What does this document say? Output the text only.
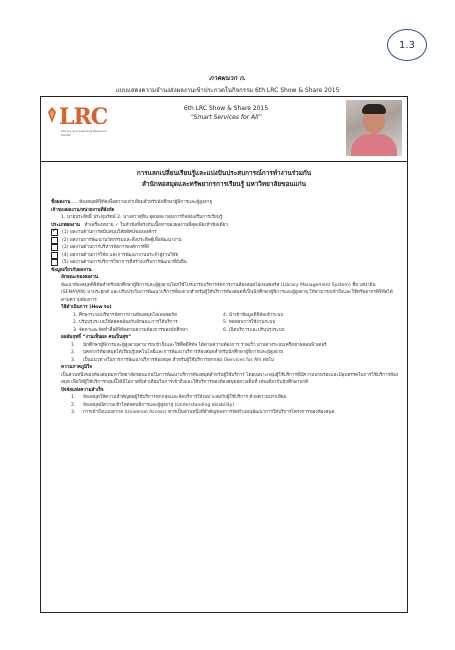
1.3
ภาคผนวก ก.
แบบแสดงความจำนงส่งผลงานเข้าประกวดในกิจกรรม 6th LRC Show & Share 2015
LRC
Library and Learning Resource Center
6th LRC Show & Share 2015
“Smart Services for All”
การแลกเปลี่ยนเรียนรู้และแบ่งปันประสบการณ์การทำงานร่วมกัน
สำนักหอสมุดและทรัพยากรการเรียนรู้ มหาวิทยาลัยขอนแก่น

ชื่อผลงาน .....ห้องสมุดดิจิทัลเพื่อความเท่าเทียมสำหรับนักศึกษาผู้พิการและผู้สูงอายุ

เจ้าของผลงาน/หน่วยงานที่สังกัด

1. นายประสิทธิ์ ประทุมรัตน์ 2. นางสาวสุทิน อุดมผล กลุ่มภารกิจส่งเสริมการเรียนรู้

ประเภทผลงาน ทำเครื่องหมาย ✓ ในหัวข้อที่ตรงกับเนื้อหาของผลงานที่สุดเพียงหัวข้อเดียว

✓
(1) ผลงานด้านการสนับสนุนวิสัยทัศน์ขององค์กร
(2) ผลงานการพัฒนานวัตกรรมและสิ่งประดิษฐ์เพื่อพัฒนางาน
(3) ผลงานด้านการบริหารจัดการองค์การที่ดี
(4) ผลงานด้านการวิจัย และการพัฒนางานประจำสู่งานวิจัย
(5) ผลงานด้านการบริการวิชาการที่สร้างเสริมการพัฒนาที่ยั่งยืน

ข้อมูลเกี่ยวกับผลงาน

ลักษณะของผลงาน

พัฒนาห้องสมุดดิจิทัลสำหรับนักศึกษาผู้พิการและผู้สูงอายุโดยใช้โปรแกรมบริหารจัดการงานห้องสมุดโอเพนซอร์ส (Library Management System) ชื่อ เสนายัน (SENAYAN) มาประยุกต์ และปรับปรุงในการพัฒนาบริการที่สะดวกสำหรับผู้ใช้บริการห้องสมุดที่เป็นนักศึกษาผู้พิการและผู้สูงอายุ ให้สามารถเข้าถึงและใช้ทรัพยากรดิจิทัลได้ตามความต้องการ

วิธีดำเนินการ (How to)

1. ศึกษาระบบบริหารจัดการงานห้องสมุดโอเพนซอร์ส	4. นำเข้าข้อมูลดิจิทัลเข้าระบบ
2. ปรับปรุงระบบให้สอดคล้องกับลักษณะการให้บริการ	5. ทดสอบการใช้งานระบบ
3. จัดหาและจัดทำสื่อดิจิทัลตามความต้องการของนักศึกษา	6. เปิดบริการและปรับปรุงระบบ

ผลสัมฤทธิ์ “งานเห็นผล คนเป็นสุข”

1.	นักศึกษาผู้พิการและผู้สูงอายุสามารถเข้าถึงและใช้สื่อดิจิทัล ได้ตามความต้องการ รวดเร็ว ผ่านทางระบบเครือข่ายคอมพิวเตอร์
2.	บุคลากรห้องสมุดได้เรียนรู้เทคโนโลยีและการพัฒนาบริการห้องสมุดสำหรับนักศึกษาผู้พิการและผู้สูงอายุ
3.	เป็นแนวทางในการการพัฒนาบริการห้องสมุด สำหรับผู้ใช้บริการทุกกลุ่ม (Services for All) ต่อไป

ความภาคภูมิใจ

เป็นส่วนหนึ่งของห้องสมุดมหาวิทยาลัยขอนแก่นในการพัฒนาบริการห้องสมุดสำหรับผู้ใช้บริการ โดยเฉพาะกลุ่มผู้ใช้บริการที่มีความบกพร่องและมีอุปสรรคในการใช้บริการห้องสมุด เพื่อให้ผู้ใช้บริการกลุ่มนี้ได้มีโอกาสที่เท่าเทียมในการเข้าถึงและใช้บริการของห้องสมุดอย่างเต็มที่ เช่นเดียวกับนักศึกษาปกติ

ปัจจัยแห่งความสำเร็จ

1.	ห้องสมุดให้ความสำคัญต่อผู้ใช้บริการทุกกลุ่มและจัดบริการให้เหมาะสมกับผู้ใช้บริการ ด้วยความเท่าเทียม
2.	ห้องสมุดมีความเข้าใจต่อคนพิการและผู้สูงอายุ (Understanding disability)
3.	การเข้าถึงแบบสากล (Universal Access) ควรเป็นส่วนหนึ่งที่สำคัญของการจัดทำแผนพัฒนาการให้บริการโครงการของห้องสมุด
